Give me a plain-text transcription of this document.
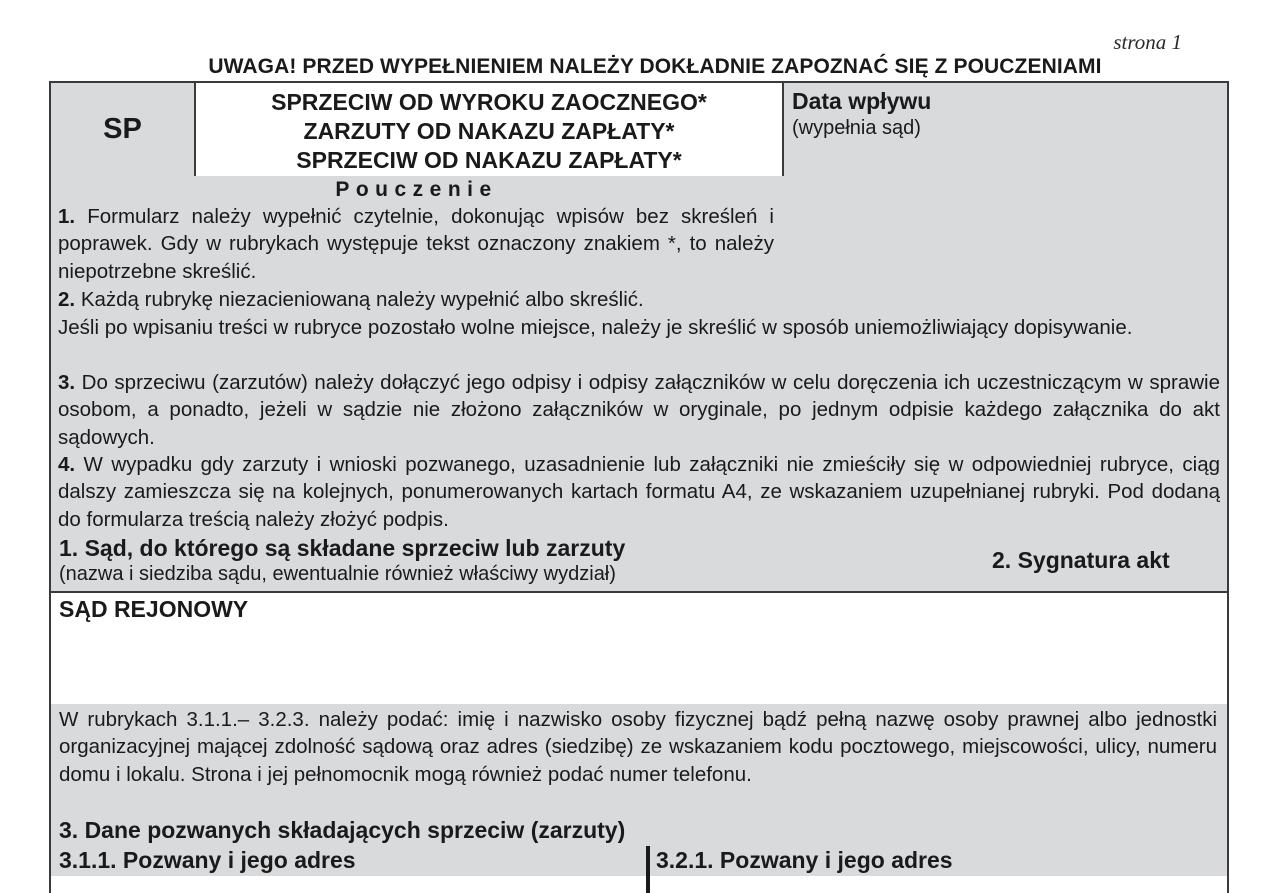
strona 1
UWAGA! PRZED WYPEŁNIENIEM NALEŻY DOKŁADNIE ZAPOZNAĆ SIĘ Z POUCZENIAMI
SP
SPRZECIW OD WYROKU ZAOCZNEGO*
ZARZUTY OD NAKAZU ZAPŁATY*
SPRZECIW OD NAKAZU ZAPŁATY*
Data wpływu
(wypełnia sąd)
Pouczenie
1. Formularz należy wypełnić czytelnie, dokonując wpisów bez skreśleń i poprawek. Gdy w rubrykach występuje tekst oznaczony znakiem *, to należy niepotrzebne skreślić.
2. Każdą rubrykę niezacieniowaną należy wypełnić albo skreślić.
Jeśli po wpisaniu treści w rubryce pozostało wolne miejsce, należy je skreślić w sposób uniemożliwiający dopisywanie.
3. Do sprzeciwu (zarzutów) należy dołączyć jego odpisy i odpisy załączników w celu doręczenia ich uczestniczącym w sprawie osobom, a ponadto, jeżeli w sądzie nie złożono załączników w oryginale, po jednym odpisie każdego załącznika do akt sądowych.
4. W wypadku gdy zarzuty i wnioski pozwanego, uzasadnienie lub załączniki nie zmieściły się w odpowiedniej rubryce, ciąg dalszy zamieszcza się na kolejnych, ponumerowanych kartach formatu A4, ze wskazaniem uzupełnianej rubryki. Pod dodaną do formularza treścią należy złożyć podpis.
1. Sąd, do którego są składane sprzeciw lub zarzuty
(nazwa i siedziba sądu, ewentualnie również właściwy wydział)
2. Sygnatura akt
SĄD REJONOWY
W rubrykach 3.1.1.– 3.2.3. należy podać: imię i nazwisko osoby fizycznej bądź pełną nazwę osoby prawnej albo jednostki organizacyjnej mającej zdolność sądową oraz adres (siedzibę) ze wskazaniem kodu pocztowego, miejscowości, ulicy, numeru domu i lokalu. Strona i jej pełnomocnik mogą również podać numer telefonu.
3. Dane pozwanych składających sprzeciw (zarzuty)
3.1.1. Pozwany i jego adres	3.2.1. Pozwany i jego adres
